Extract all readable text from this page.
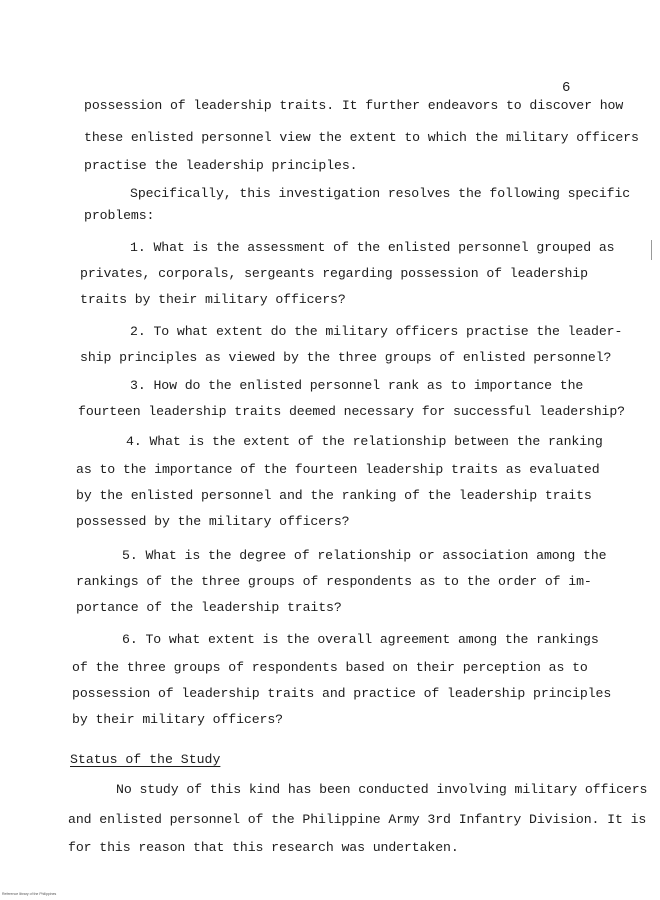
6
possession of leadership traits. It further endeavors to discover how
these enlisted personnel view the extent to which the military officers
practise the leadership principles.
Specifically, this investigation resolves the following specific
problems:
1. What is the assessment of the enlisted personnel grouped as
privates, corporals, sergeants regarding possession of leadership
traits by their military officers?
2. To what extent do the military officers practise the leader-
ship principles as viewed by the three groups of enlisted personnel?
3. How do the enlisted personnel rank as to importance the
fourteen leadership traits deemed necessary for successful leadership?
4. What is the extent of the relationship between the ranking
as to the importance of the fourteen leadership traits as evaluated
by the enlisted personnel and the ranking of the leadership traits
possessed by the military officers?
5. What is the degree of relationship or association among the
rankings of the three groups of respondents as to the order of im-
portance of the leadership traits?
6. To what extent is the overall agreement among the rankings
of the three groups of respondents based on their perception as to
possession of leadership traits and practice of leadership principles
by their military officers?
Status of the Study
No study of this kind has been conducted involving military officers
and enlisted personnel of the Philippine Army 3rd Infantry Division. It is
for this reason that this research was undertaken.
Reference library of the Philippines
